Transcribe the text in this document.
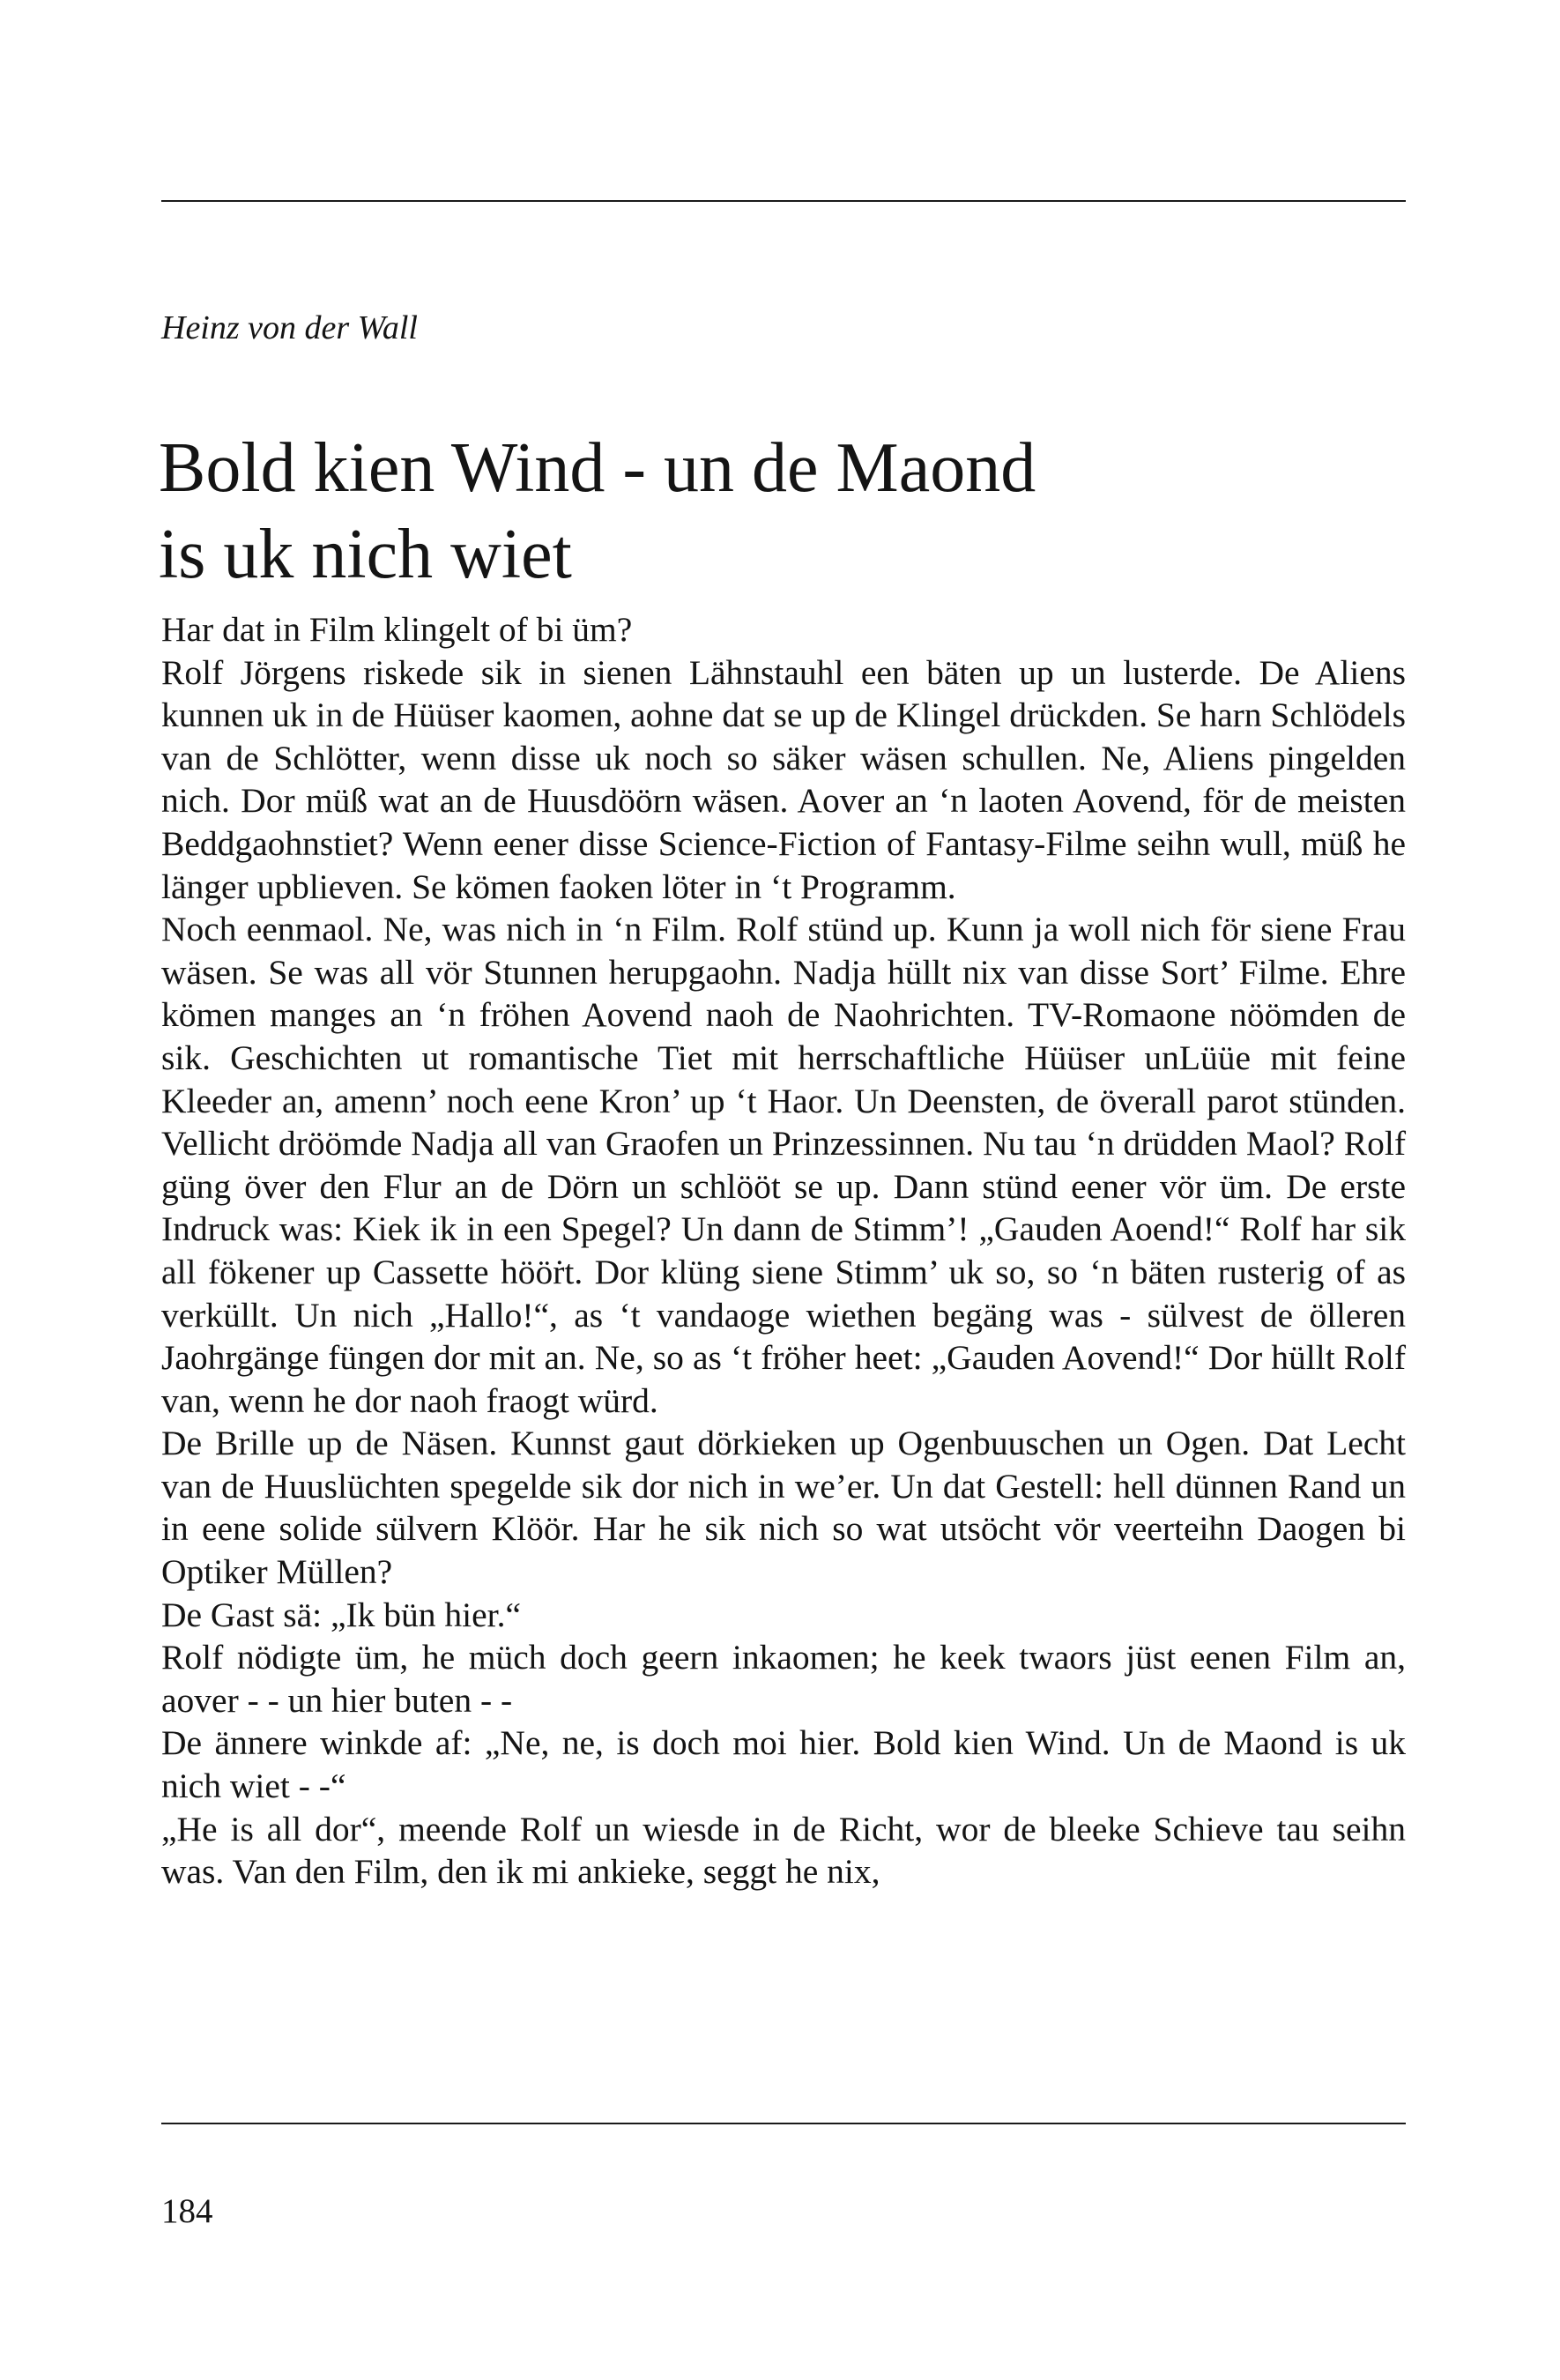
Heinz von der Wall
Bold kien Wind - un de Maond
is uk nich wiet

Har dat in Film klingelt of bi üm?

Rolf Jörgens riskede sik in sienen Lähnstauhl een bäten up un lusterde. De Aliens kunnen uk in de Hüüser kaomen, aohne dat se up de Klingel drückden. Se harn Schlödels van de Schlötter, wenn disse uk noch so säker wäsen schullen. Ne, Aliens pingelden nich. Dor müß wat an de Huusdöörn wäsen. Aover an ‘n laoten Aovend, för de meisten Beddgaohnstiet? Wenn eener disse Science-Fiction of Fantasy-Filme seihn wull, müß he länger upblieven. Se kömen faoken löter in ‘t Programm.

Noch eenmaol. Ne, was nich in ‘n Film. Rolf stünd up. Kunn ja woll nich för siene Frau wäsen. Se was all vör Stunnen herupgaohn. Nadja hüllt nix van disse Sort’ Filme. Ehre kömen manges an ‘n fröhen Aovend naoh de Naohrichten. TV-Romaone nöömden de sik. Geschichten ut romantische Tiet mit herrschaftliche Hüüser unLüüe mit feine Kleeder an, amenn’ noch eene Kron’ up ‘t Haor. Un Deensten, de överall parot stünden. Vellicht dröömde Nadja all van Graofen un Prinzessinnen. Nu tau ‘n drüdden Maol? Rolf güng över den Flur an de Dörn un schlööt se up. Dann stünd eener vör üm. De erste Indruck was: Kiek ik in een Spegel? Un dann de Stimm’! „Gauden Aoend!“ Rolf har sik all fökener up Cassette hööṙt. Dor klüng siene Stimm’ uk so, so ‘n bäten rusterig of as verküllt. Un nich „Hallo!“, as ‘t vandaoge wiethen begäng was - sülvest de ölleren Jaohrgänge füngen dor mit an. Ne, so as ‘t fröher heet: „Gauden Aovend!“ Dor hüllt Rolf van, wenn he dor naoh fraogt würd.

De Brille up de Näsen. Kunnst gaut dörkieken up Ogenbuuschen un Ogen. Dat Lecht van de Huuslüchten spegelde sik dor nich in we’er. Un dat Gestell: hell dünnen Rand un in eene solide sülvern Klöör. Har he sik nich so wat utsöcht vör veerteihn Daogen bi Optiker Müllen?

De Gast sä: „Ik bün hier.“

Rolf nödigte üm, he müch doch geern inkaomen; he keek twaors jüst eenen Film an, aover - - un hier buten - -

De ännere winkde af: „Ne, ne, is doch moi hier. Bold kien Wind. Un de Maond is uk nich wiet - -“

„He is all dor“, meende Rolf un wiesde in de Richt, wor de bleeke Schieve tau seihn was. Van den Film, den ik mi ankieke, seggt he nix,

184
